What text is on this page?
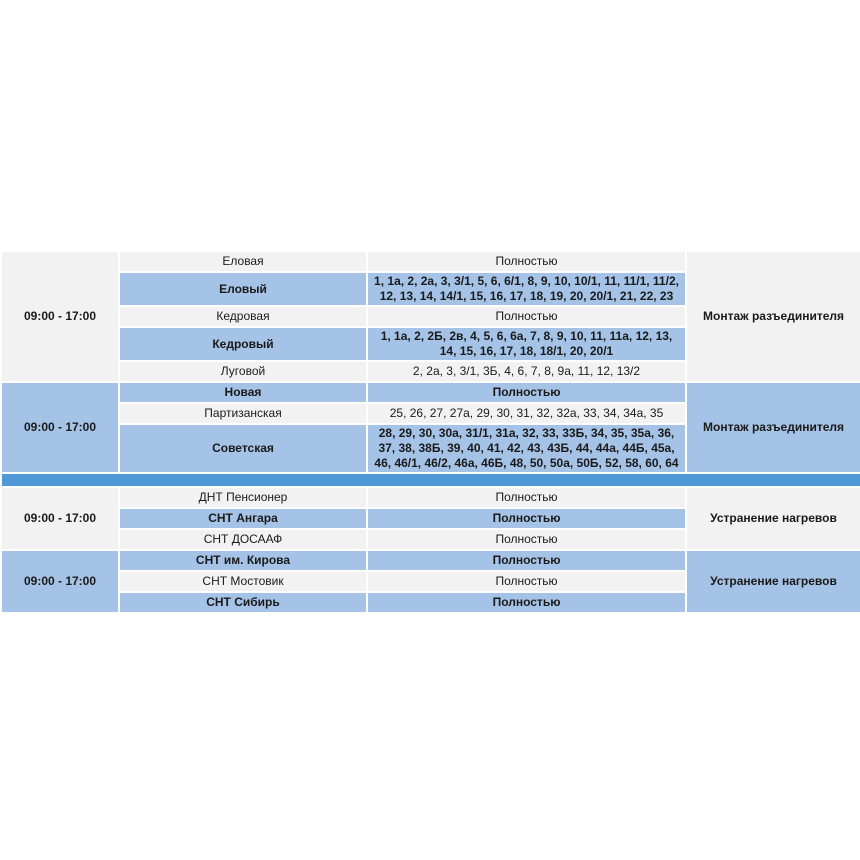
09:00 - 17:00	Еловая	Полностью	Монтаж разъединителя
	Еловый	1, 1а, 2, 2а, 3, 3/1, 5, 6, 6/1, 8, 9, 10, 10/1, 11, 11/1, 11/2, 12, 13, 14, 14/1, 15, 16, 17, 18, 19, 20, 20/1, 21, 22, 23	
	Кедровая	Полностью	
	Кедровый	1, 1а, 2, 2Б, 2в, 4, 5, 6, 6а, 7, 8, 9, 10, 11, 11а, 12, 13, 14, 15, 16, 17, 18, 18/1, 20, 20/1	
	Луговой	2, 2а, 3, 3/1, 3Б, 4, 6, 7, 8, 9а, 11, 12, 13/2	
09:00 - 17:00	Новая	Полностью	Монтаж разъединителя
	Партизанская	25, 26, 27, 27а, 29, 30, 31, 32, 32а, 33, 34, 34а, 35	
	Советская	28, 29, 30, 30а, 31/1, 31а, 32, 33, 33Б, 34, 35, 35а, 36, 37, 38, 38Б, 39, 40, 41, 42, 43, 43Б, 44, 44а, 44Б, 45а, 46, 46/1, 46/2, 46а, 46Б, 48, 50, 50а, 50Б, 52, 58, 60, 64	

09:00 - 17:00	ДНТ Пенсионер	Полностью	Устранение нагревов
	СНТ Ангара	Полностью	
	СНТ ДОСААФ	Полностью	
09:00 - 17:00	СНТ им. Кирова	Полностью	Устранение нагревов
	СНТ Мостовик	Полностью	
	СНТ Сибирь	Полностью	
